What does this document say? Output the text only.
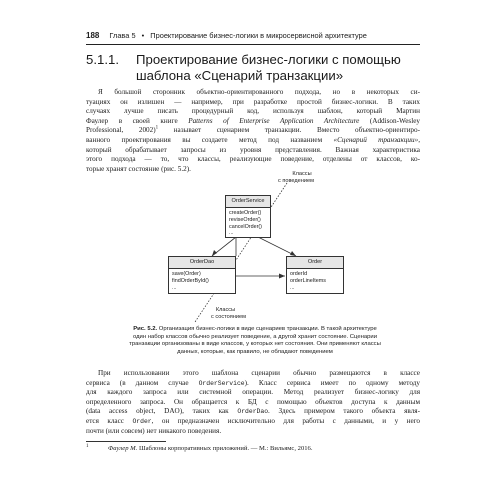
188 Глава 5 • Проектирование бизнес-логики в микросервисной архитектуре
5.1.1. Проектирование бизнес-логики с помощью
шаблона «Сценарий транзакции»
Я большой сторонник объектно-ориентированного подхода, но в некоторых си-
туациях он излишен — например, при разработке простой бизнес-логики. В таких
случаях лучше писать процедурный код, используя шаблон, который Мартин
Фаулер в своей книге Patterns of Enterprise Application Architecture (Addison-Wesley
Professional, 2002)$^1$ называет сценарием транзакции. Вместо объектно-ориентиро-
ванного проектирования вы создаете метод под названием «Сценарий транзакции»,
который обрабатывает запросы из уровня представления. Важная характеристика
этого подхода — то, что классы, реализующие поведение, отделены от классов, ко-
торые хранят состояние (рис. 5.2).
Классы
с поведением
OrderService
createOrder()
reviseOrder()
cancelOrder()
...
OrderDao
save(Order)
findOrderById()
...
Order
orderId
orderLineItems
...
Классы
с состоянием
Рис. 5.2. Организация бизнес-логики в виде сценариев транзакции. В такой архитектуре
один набор классов обычно реализует поведение, а другой хранит состояние. Сценарии
транзакции организованы в виде классов, у которых нет состояния. Они применяют классы
данных, которые, как правило, не обладают поведением
При использовании этого шаблона сценарии обычно размещаются в классе
сервиса (в данном случае OrderService). Класс сервиса имеет по одному методу
для каждого запроса или системной операции. Метод реализует бизнес-логику для
определенного запроса. Он обращается к БД с помощью объектов доступа к данным
(data access object, DAO), таких как OrderDao. Здесь примером такого объекта явля-
ется класс Order, он предназначен исключительно для работы с данными, и у него
почти (или совсем) нет никакого поведения.
1	Фаулер М. Шаблоны корпоративных приложений. — М.: Вильямс, 2016.
